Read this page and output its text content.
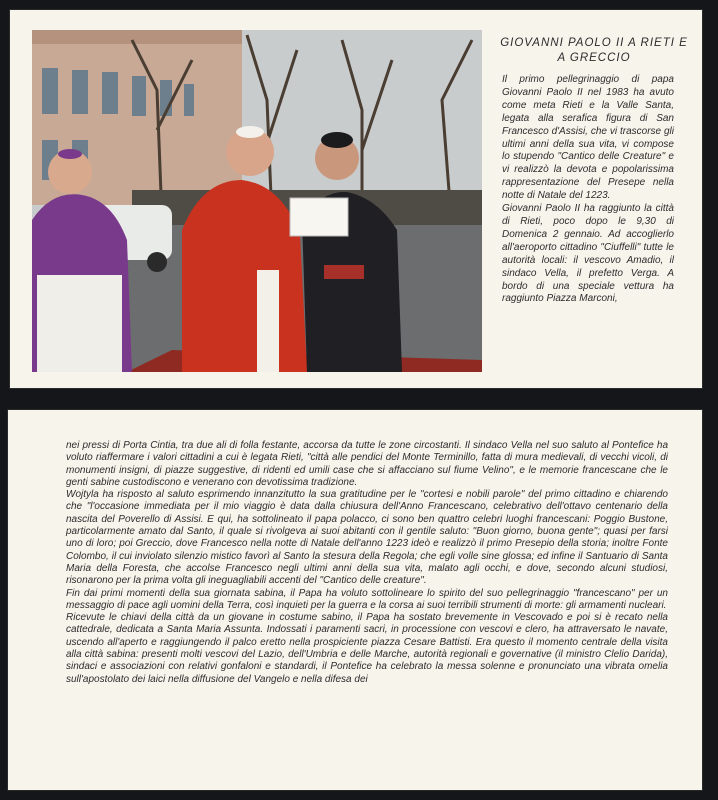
GIOVANNI PAOLO II A RIETI E A GRECCIO

Il primo pellegrinaggio di papa Giovanni Paolo II nel 1983 ha avuto come meta Rieti e la Valle Santa, legata alla serafica figura di San Francesco d'Assisi, che vi trascorse gli ultimi anni della sua vita, vi compose lo stupendo "Cantico delle Creature" e vi realizzò la devota e popolarissima rappresentazione del Presepe nella notte di Natale del 1223.

Giovanni Paolo II ha raggiunto la città di Rieti, poco dopo le 9,30 di Domenica 2 gennaio. Ad accoglierlo all'aeroporto cittadino "Ciuffelli" tutte le autorità locali: il vescovo Amadio, il sindaco Vella, il prefetto Verga. A bordo di una speciale vettura ha raggiunto Piazza Marconi,

nei pressi di Porta Cintia, tra due ali di folla festante, accorsa da tutte le zone circostanti. Il sindaco Vella nel suo saluto al Pontefice ha voluto riaffermare i valori cittadini a cui è legata Rieti, "città alle pendici del Monte Terminillo, fatta di mura medievali, di vecchi vicoli, di monumenti insigni, di piazze suggestive, di ridenti ed umili case che si affacciano sul fiume Velino", e le memorie francescane che le genti sabine custodiscono e venerano con devotissima tradizione.

Wojtyla ha risposto al saluto esprimendo innanzitutto la sua gratitudine per le "cortesi e nobili parole" del primo cittadino e chiarendo che "l'occasione immediata per il mio viaggio è data dalla chiusura dell'Anno Francescano, celebrativo dell'ottavo centenario della nascita del Poverello di Assisi. E qui, ha sottolineato il papa polacco, ci sono ben quattro celebri luoghi francescani: Poggio Bustone, particolarmente amato dal Santo, il quale si rivolgeva ai suoi abitanti con il gentile saluto: "Buon giorno, buona gente"; quasi per farsi uno di loro; poi Greccio, dove Francesco nella notte di Natale dell'anno 1223 ideò e realizzò il primo Presepio della storia; inoltre Fonte Colombo, il cui inviolato silenzio mistico favorì al Santo la stesura della Regola; che egli volle sine glossa; ed infine il Santuario di Santa Maria della Foresta, che accolse Francesco negli ultimi anni della sua vita, malato agli occhi, e dove, secondo alcuni studiosi, risonarono per la prima volta gli ineguagliabili accenti del "Cantico delle creature".

Fin dai primi momenti della sua giornata sabina, il Papa ha voluto sottolineare lo spirito del suo pellegrinaggio "francescano" per un messaggio di pace agli uomini della Terra, così inquieti per la guerra e la corsa ai suoi terribili strumenti di morte: gli armamenti nucleari.

Ricevute le chiavi della città da un giovane in costume sabino, il Papa ha sostato brevemente in Vescovado e poi si è recato nella cattedrale, dedicata a Santa Maria Assunta. Indossati i paramenti sacri, in processione con vescovi e clero, ha attraversato le navate, uscendo all'aperto e raggiungendo il palco eretto nella prospiciente piazza Cesare Battisti. Era questo il momento centrale della visita alla città sabina: presenti molti vescovi del Lazio, dell'Umbria e delle Marche, autorità regionali e governative (il ministro Clelio Darida), sindaci e associazioni con relativi gonfaloni e standardi, il Pontefice ha celebrato la messa solenne e pronunciato una vibrata omelia sull'apostolato dei laici nella diffusione del Vangelo e nella difesa dei
